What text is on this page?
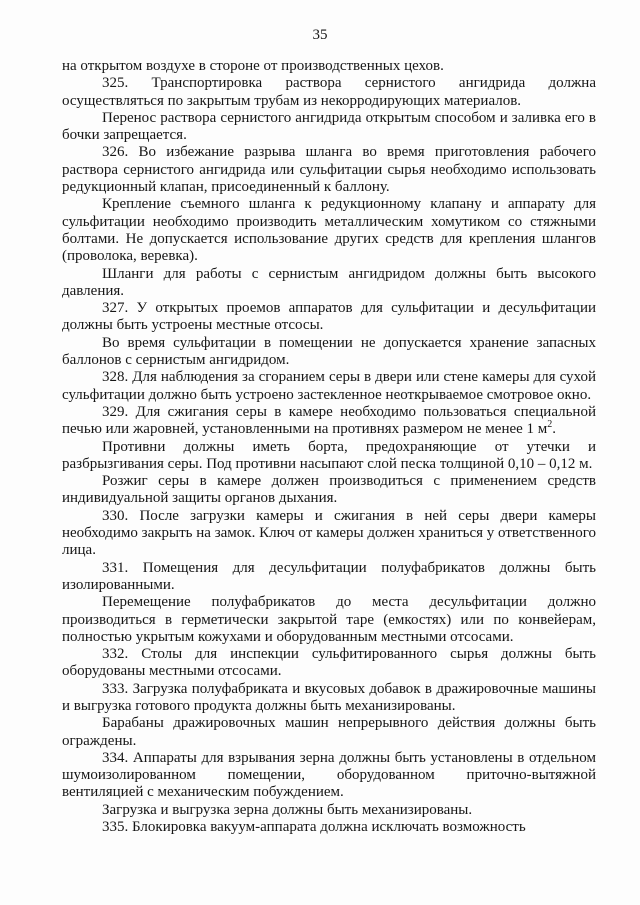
35

на открытом воздухе в стороне от производственных цехов.

325. Транспортировка раствора сернистого ангидрида должна осуществляться по закрытым трубам из некорродирующих материалов.

Перенос раствора сернистого ангидрида открытым способом и заливка его в бочки запрещается.

326. Во избежание разрыва шланга во время приготовления рабочего раствора сернистого ангидрида или сульфитации сырья необходимо использовать редукционный клапан, присоединенный к баллону.

Крепление съемного шланга к редукционному клапану и аппарату для сульфитации необходимо производить металлическим хомутиком со стяжными болтами. Не допускается использование других средств для крепления шлангов (проволока, веревка).

Шланги для работы с сернистым ангидридом должны быть высокого давления.

327. У открытых проемов аппаратов для сульфитации и десульфитации должны быть устроены местные отсосы.

Во время сульфитации в помещении не допускается хранение запасных баллонов с сернистым ангидридом.

328. Для наблюдения за сгоранием серы в двери или стене камеры для сухой сульфитации должно быть устроено застекленное неоткрываемое смотровое окно.

329. Для сжигания серы в камере необходимо пользоваться специальной печью или жаровней, установленными на противнях размером не менее 1 $м^2$.

Противни должны иметь борта, предохраняющие от утечки и разбрызгивания серы. Под противни насыпают слой песка толщиной 0,10 – 0,12 м.

Розжиг серы в камере должен производиться с применением средств индивидуальной защиты органов дыхания.

330. После загрузки камеры и сжигания в ней серы двери камеры необходимо закрыть на замок. Ключ от камеры должен храниться у ответственного лица.

331. Помещения для десульфитации полуфабрикатов должны быть изолированными.

Перемещение полуфабрикатов до места десульфитации должно производиться в герметически закрытой таре (емкостях) или по конвейерам, полностью укрытым кожухами и оборудованным местными отсосами.

332. Столы для инспекции сульфитированного сырья должны быть оборудованы местными отсосами.

333. Загрузка полуфабриката и вкусовых добавок в дражировочные машины и выгрузка готового продукта должны быть механизированы.

Барабаны дражировочных машин непрерывного действия должны быть ограждены.

334. Аппараты для взрывания зерна должны быть установлены в отдельном шумоизолированном помещении, оборудованном приточно-вытяжной вентиляцией с механическим побуждением.

Загрузка и выгрузка зерна должны быть механизированы.

335. Блокировка вакуум-аппарата должна исключать возможность
